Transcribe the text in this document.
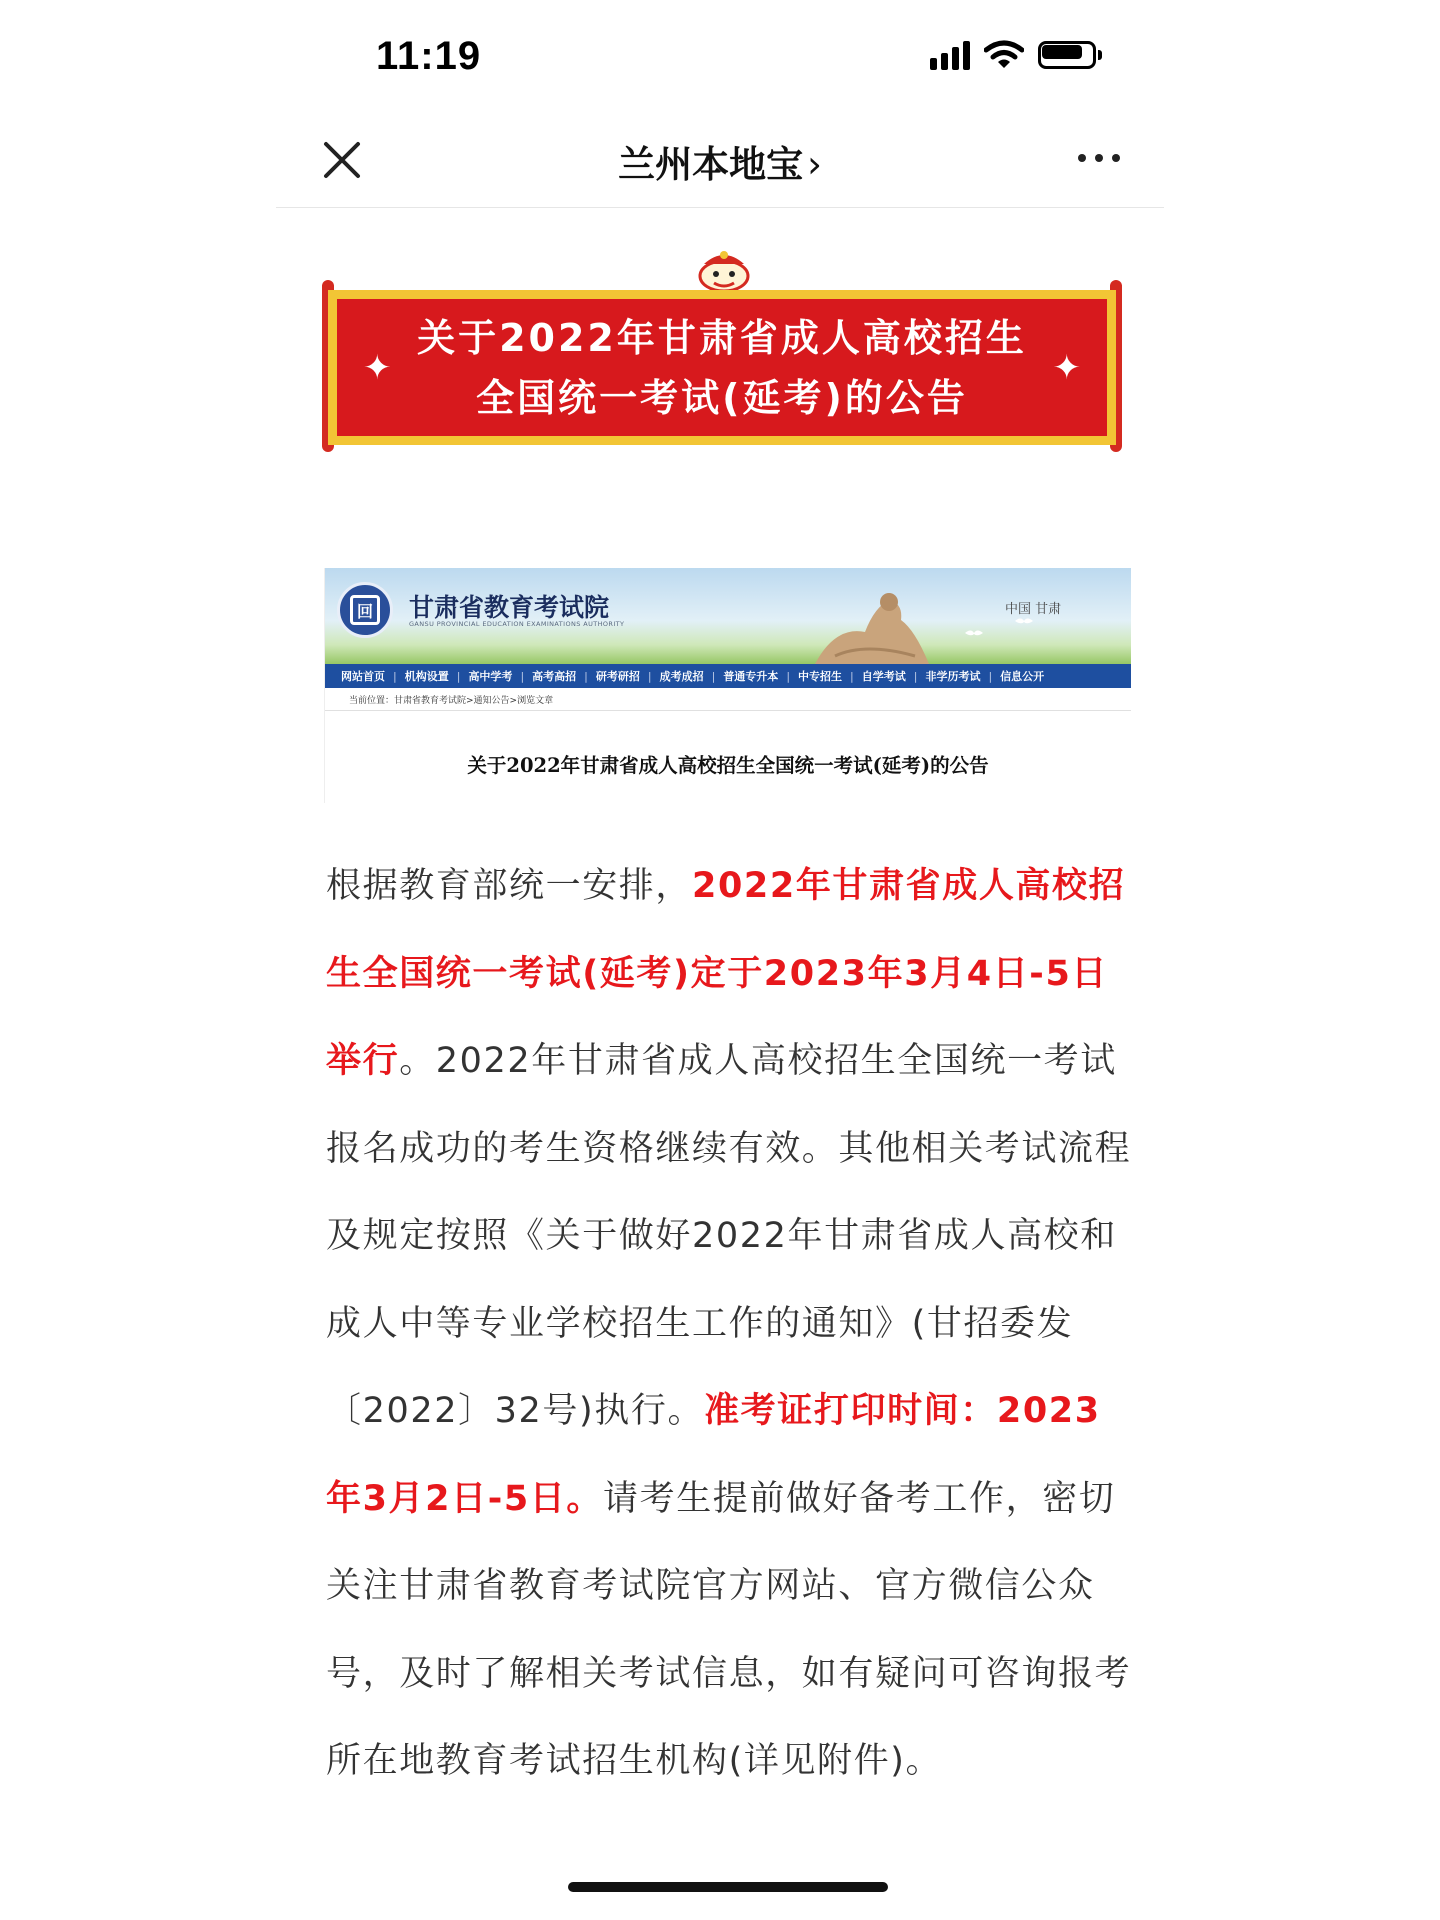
11:19
兰州本地宝 ›
✦
关于2022年甘肃省成人高校招生
全国统一考试(延考)的公告
✦
回 甘肃省教育考试院
GANSU PROVINCIAL EDUCATION EXAMINATIONS AUTHORITY
中国 甘肃
网站首页 | 机构设置 | 高中学考 | 高考高招 | 研考研招 | 成考成招 | 普通专升本 | 中专招生 | 自学考试 | 非学历考试 | 信息公开
当前位置：甘肃省教育考试院>通知公告>浏览文章
关于2022年甘肃省成人高校招生全国统一考试(延考)的公告
根据教育部统一安排，2022年甘肃省成人高校招生全国统一考试(延考)定于2023年3月4日-5日举行。2022年甘肃省成人高校招生全国统一考试报名成功的考生资格继续有效。其他相关考试流程及规定按照《关于做好2022年甘肃省成人高校和成人中等专业学校招生工作的通知》(甘招委发〔2022〕32号)执行。准考证打印时间：2023年3月2日-5日。请考生提前做好备考工作，密切关注甘肃省教育考试院官方网站、官方微信公众号，及时了解相关考试信息，如有疑问可咨询报考所在地教育考试招生机构(详见附件)。
